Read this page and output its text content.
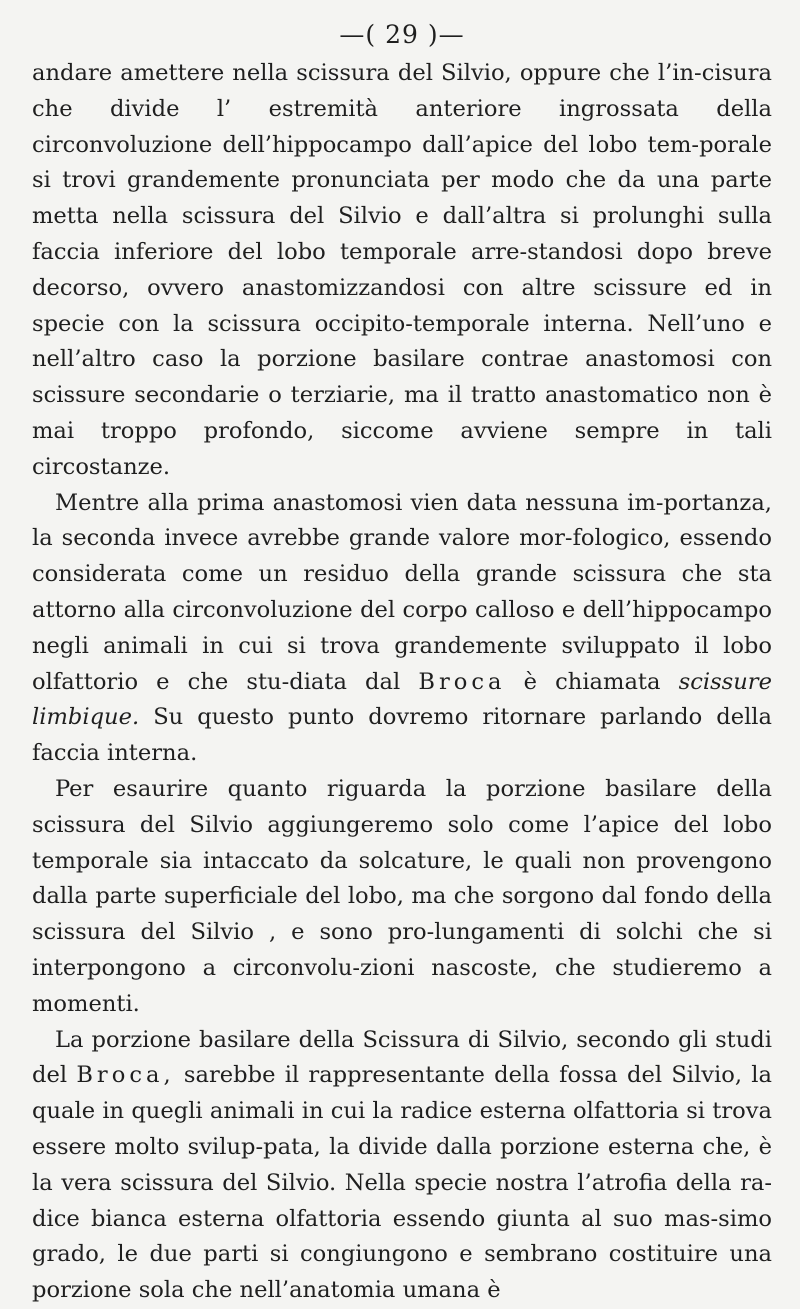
—( 29 )—

andare amettere nella scissura del Silvio, oppure che l’in-cisura che divide l’ estremità anteriore ingrossata della circonvoluzione dell’hippocampo dall’apice del lobo tem-porale si trovi grandemente pronunciata per modo che da una parte metta nella scissura del Silvio e dall’altra si prolunghi sulla faccia inferiore del lobo temporale arre-standosi dopo breve decorso, ovvero anastomizzandosi con altre scissure ed in specie con la scissura occipito-temporale interna. Nell’uno e nell’altro caso la porzione basilare contrae anastomosi con scissure secondarie o terziarie, ma il tratto anastomatico non è mai troppo profondo, siccome avviene sempre in tali circostanze.

Mentre alla prima anastomosi vien data nessuna im-portanza, la seconda invece avrebbe grande valore mor-fologico, essendo considerata come un residuo della grande scissura che sta attorno alla circonvoluzione del corpo calloso e dell’hippocampo negli animali in cui si trova grandemente sviluppato il lobo olfattorio e che stu-diata dal Broca è chiamata scissure limbique. Su questo punto dovremo ritornare parlando della faccia interna.

Per esaurire quanto riguarda la porzione basilare della scissura del Silvio aggiungeremo solo come l’apice del lobo temporale sia intaccato da solcature, le quali non provengono dalla parte superficiale del lobo, ma che sorgono dal fondo della scissura del Silvio , e sono pro-lungamenti di solchi che si interpongono a circonvolu-zioni nascoste, che studieremo a momenti.

La porzione basilare della Scissura di Silvio, secondo gli studi del Broca, sarebbe il rappresentante della fossa del Silvio, la quale in quegli animali in cui la radice esterna olfattoria si trova essere molto svilup-pata, la divide dalla porzione esterna che, è la vera scissura del Silvio. Nella specie nostra l’atrofia della ra-dice bianca esterna olfattoria essendo giunta al suo mas-simo grado, le due parti si congiungono e sembrano costituire una porzione sola che nell’anatomia umana è
